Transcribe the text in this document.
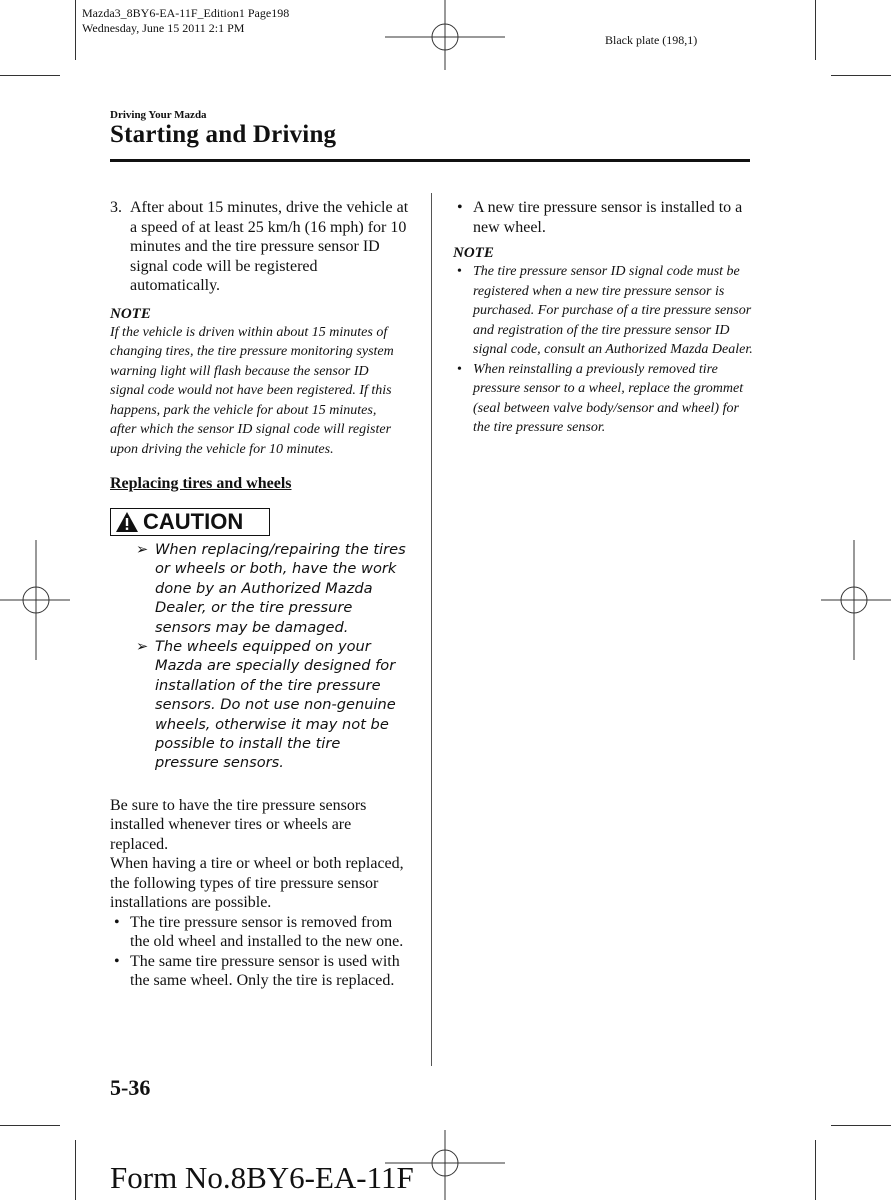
Mazda3_8BY6-EA-11F_Edition1 Page198
Wednesday, June 15 2011 2:1 PM
Black plate (198,1)
Driving Your Mazda
Starting and Driving
3. After about 15 minutes, drive the vehicle at a speed of at least 25 km/h (16 mph) for 10 minutes and the tire pressure sensor ID signal code will be registered automatically.
NOTE
If the vehicle is driven within about 15 minutes of changing tires, the tire pressure monitoring system warning light will flash because the sensor ID signal code would not have been registered. If this happens, park the vehicle for about 15 minutes, after which the sensor ID signal code will register upon driving the vehicle for 10 minutes.
Replacing tires and wheels
CAUTION
➢ When replacing/repairing the tires or wheels or both, have the work done by an Authorized Mazda Dealer, or the tire pressure sensors may be damaged.
➢ The wheels equipped on your Mazda are specially designed for installation of the tire pressure sensors. Do not use non-genuine wheels, otherwise it may not be possible to install the tire pressure sensors.
Be sure to have the tire pressure sensors installed whenever tires or wheels are replaced.
When having a tire or wheel or both replaced, the following types of tire pressure sensor installations are possible.
• The tire pressure sensor is removed from the old wheel and installed to the new one.
• The same tire pressure sensor is used with the same wheel. Only the tire is replaced.
• A new tire pressure sensor is installed to a new wheel.
NOTE
• The tire pressure sensor ID signal code must be registered when a new tire pressure sensor is purchased. For purchase of a tire pressure sensor and registration of the tire pressure sensor ID signal code, consult an Authorized Mazda Dealer.
• When reinstalling a previously removed tire pressure sensor to a wheel, replace the grommet (seal between valve body/sensor and wheel) for the tire pressure sensor.
5-36
Form No.8BY6-EA-11F
